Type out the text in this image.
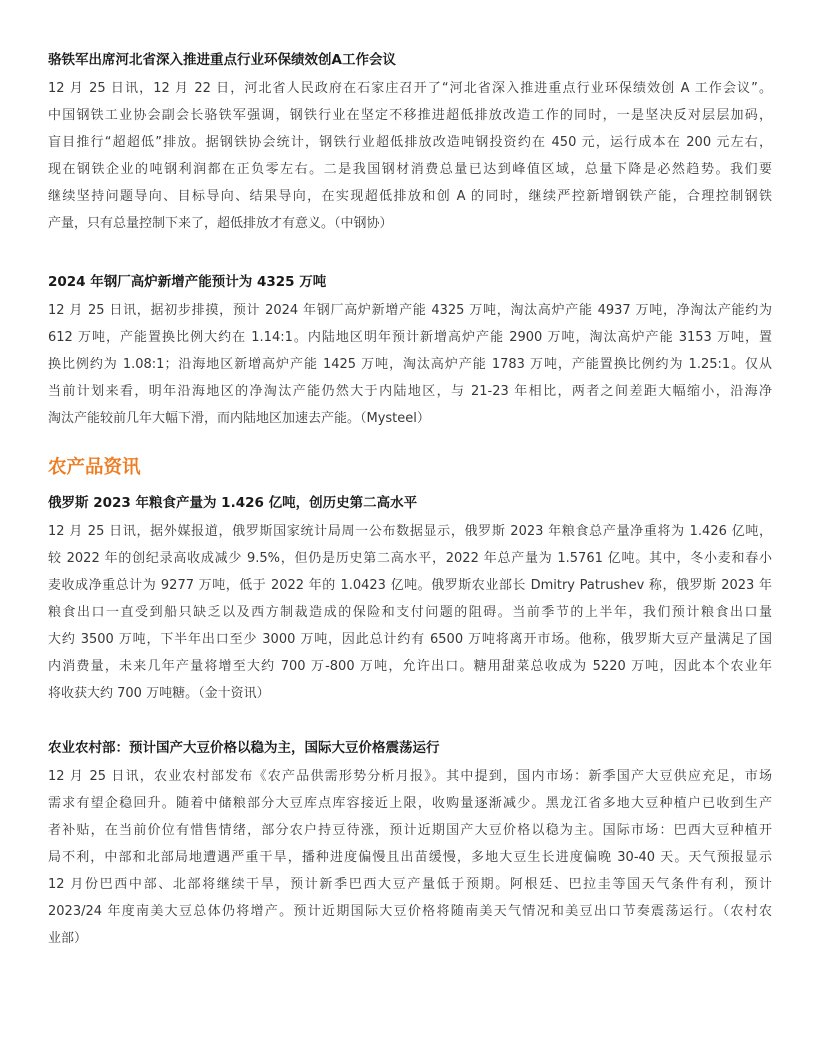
骆铁军出席河北省深入推进重点行业环保绩效创A工作会议
12 月 25 日讯，12 月 22 日，河北省人民政府在石家庄召开了“河北省深入推进重点行业环保绩效创 A 工作会议”。
中国钢铁工业协会副会长骆铁军强调，钢铁行业在坚定不移推进超低排放改造工作的同时，一是坚决反对层层加码，
盲目推行“超超低”排放。据钢铁协会统计，钢铁行业超低排放改造吨钢投资约在 450 元，运行成本在 200 元左右，
现在钢铁企业的吨钢利润都在正负零左右。二是我国钢材消费总量已达到峰值区域，总量下降是必然趋势。我们要
继续坚持问题导向、目标导向、结果导向，在实现超低排放和创 A 的同时，继续严控新增钢铁产能，合理控制钢铁
产量，只有总量控制下来了，超低排放才有意义。（中钢协）
2024 年钢厂高炉新增产能预计为 4325 万吨
12 月 25 日讯，据初步排摸，预计 2024 年钢厂高炉新增产能 4325 万吨，淘汰高炉产能 4937 万吨，净淘汰产能约为
612 万吨，产能置换比例大约在 1.14:1。内陆地区明年预计新增高炉产能 2900 万吨，淘汰高炉产能 3153 万吨，置
换比例约为 1.08:1；沿海地区新增高炉产能 1425 万吨，淘汰高炉产能 1783 万吨，产能置换比例约为 1.25:1。仅从
当前计划来看，明年沿海地区的净淘汰产能仍然大于内陆地区，与 21-23 年相比，两者之间差距大幅缩小，沿海净
淘汰产能较前几年大幅下滑，而内陆地区加速去产能。（Mysteel）
农产品资讯
俄罗斯 2023 年粮食产量为 1.426 亿吨，创历史第二高水平
12 月 25 日讯，据外媒报道，俄罗斯国家统计局周一公布数据显示，俄罗斯 2023 年粮食总产量净重将为 1.426 亿吨，
较 2022 年的创纪录高收成减少 9.5%，但仍是历史第二高水平，2022 年总产量为 1.5761 亿吨。其中，冬小麦和春小
麦收成净重总计为 9277 万吨，低于 2022 年的 1.0423 亿吨。俄罗斯农业部长 Dmitry Patrushev 称，俄罗斯 2023 年
粮食出口一直受到船只缺乏以及西方制裁造成的保险和支付问题的阻碍。当前季节的上半年，我们预计粮食出口量
大约 3500 万吨，下半年出口至少 3000 万吨，因此总计约有 6500 万吨将离开市场。他称，俄罗斯大豆产量满足了国
内消费量，未来几年产量将增至大约 700 万-800 万吨，允许出口。糖用甜菜总收成为 5220 万吨，因此本个农业年
将收获大约 700 万吨糖。（金十资讯）
农业农村部：预计国产大豆价格以稳为主，国际大豆价格震荡运行
12 月 25 日讯，农业农村部发布《农产品供需形势分析月报》。其中提到，国内市场：新季国产大豆供应充足，市场
需求有望企稳回升。随着中储粮部分大豆库点库容接近上限，收购量逐渐减少。黑龙江省多地大豆种植户已收到生产
者补贴，在当前价位有惜售情绪，部分农户持豆待涨，预计近期国产大豆价格以稳为主。国际市场：巴西大豆种植开
局不利，中部和北部局地遭遇严重干旱，播种进度偏慢且出苗缓慢，多地大豆生长进度偏晚 30-40 天。天气预报显示
12 月份巴西中部、北部将继续干旱，预计新季巴西大豆产量低于预期。阿根廷、巴拉圭等国天气条件有利，预计
2023/24 年度南美大豆总体仍将增产。预计近期国际大豆价格将随南美天气情况和美豆出口节奏震荡运行。（农村农
业部）
